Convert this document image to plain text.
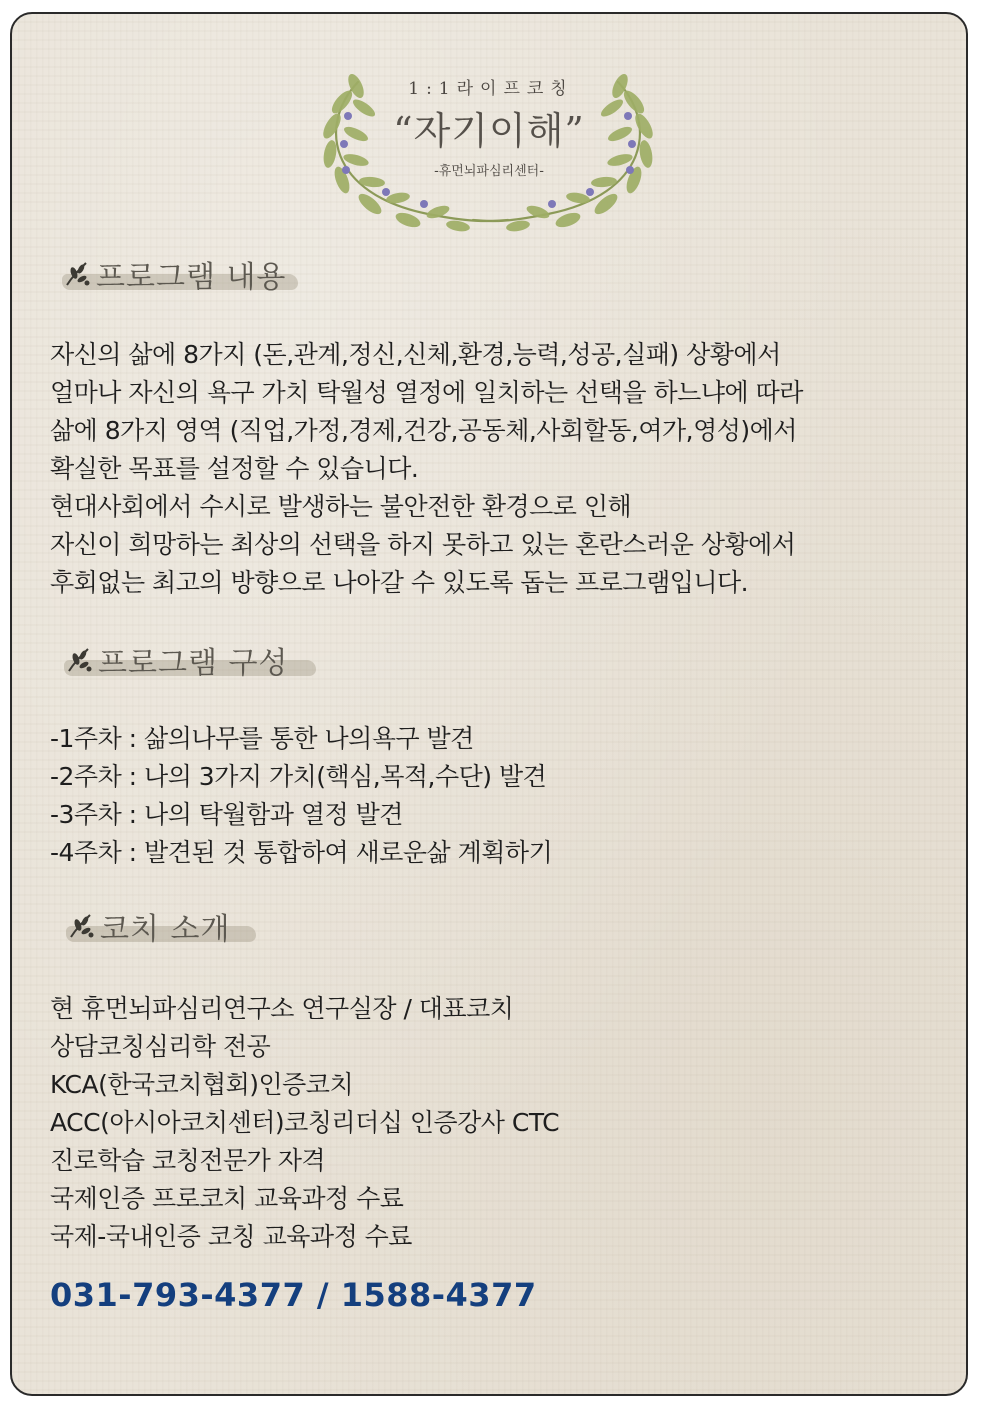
1:1라이프코칭
“자기이해”
-휴먼뇌파심리센터-
프로그램 내용
자신의 삶에 8가지 (돈,관계,정신,신체,환경,능력,성공,실패) 상황에서
얼마나 자신의 욕구 가치 탁월성 열정에 일치하는 선택을 하느냐에 따라
삶에 8가지 영역 (직업,가정,경제,건강,공동체,사회할동,여가,영성)에서
확실한 목표를 설정할 수 있습니다.
현대사회에서 수시로 발생하는 불안전한 환경으로 인해
자신이 희망하는 최상의 선택을 하지 못하고 있는 혼란스러운 상황에서
후회없는 최고의 방향으로 나아갈 수 있도록 돕는 프로그램입니다.
프로그램 구성
-1주차 : 삶의나무를 통한 나의욕구 발견
-2주차 : 나의 3가지 가치(핵심,목적,수단) 발견
-3주차 : 나의 탁월함과 열정 발견
-4주차 : 발견된 것 통합하여 새로운삶 계획하기
코치 소개
현 휴먼뇌파심리연구소 연구실장 / 대표코치
상담코칭심리학 전공
KCA(한국코치협회)인증코치
ACC(아시아코치센터)코칭리더십 인증강사 CTC
진로학습 코칭전문가 자격
국제인증 프로코치 교육과정 수료
국제-국내인증 코칭 교육과정 수료
031-793-4377 / 1588-4377
